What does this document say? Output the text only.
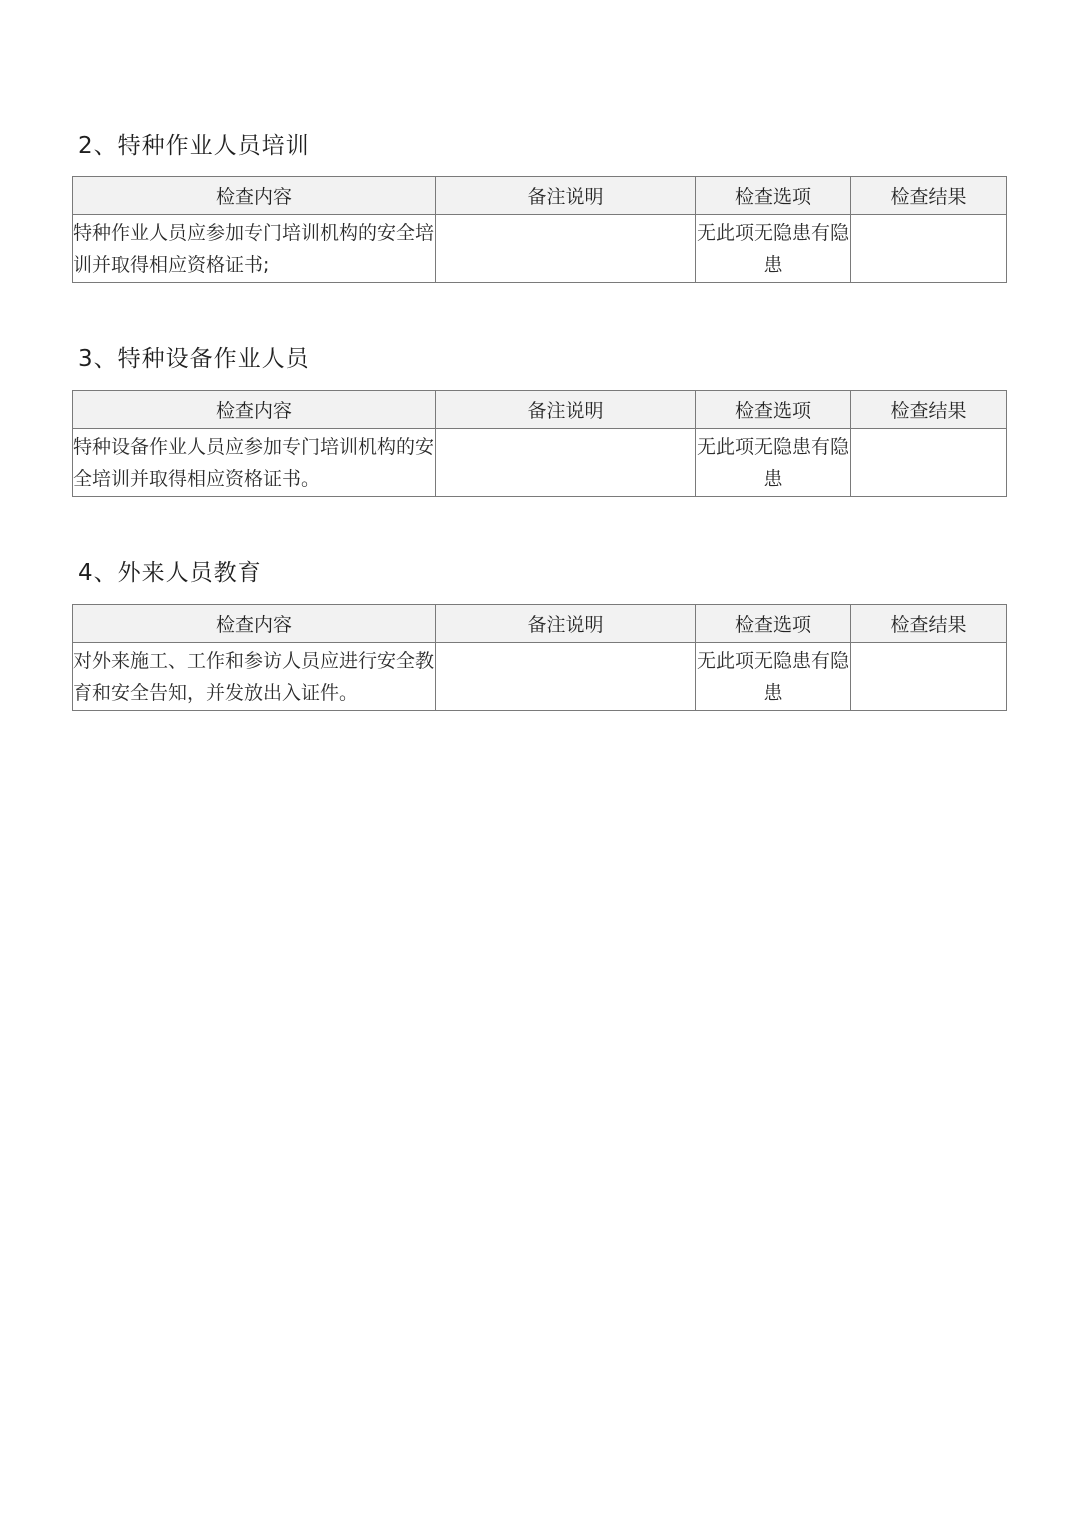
2、特种作业人员培训
检查内容	备注说明	检查选项	检查结果
特种作业人员应参加专门培训机构的安全培训并取得相应资格证书;		无此项无隐患有隐患	
3、特种设备作业人员
检查内容	备注说明	检查选项	检查结果
特种设备作业人员应参加专门培训机构的安全培训并取得相应资格证书。		无此项无隐患有隐患	
4、外来人员教育
检查内容	备注说明	检查选项	检查结果
对外来施工、工作和参访人员应进行安全教育和安全告知，并发放出入证件。		无此项无隐患有隐患	
